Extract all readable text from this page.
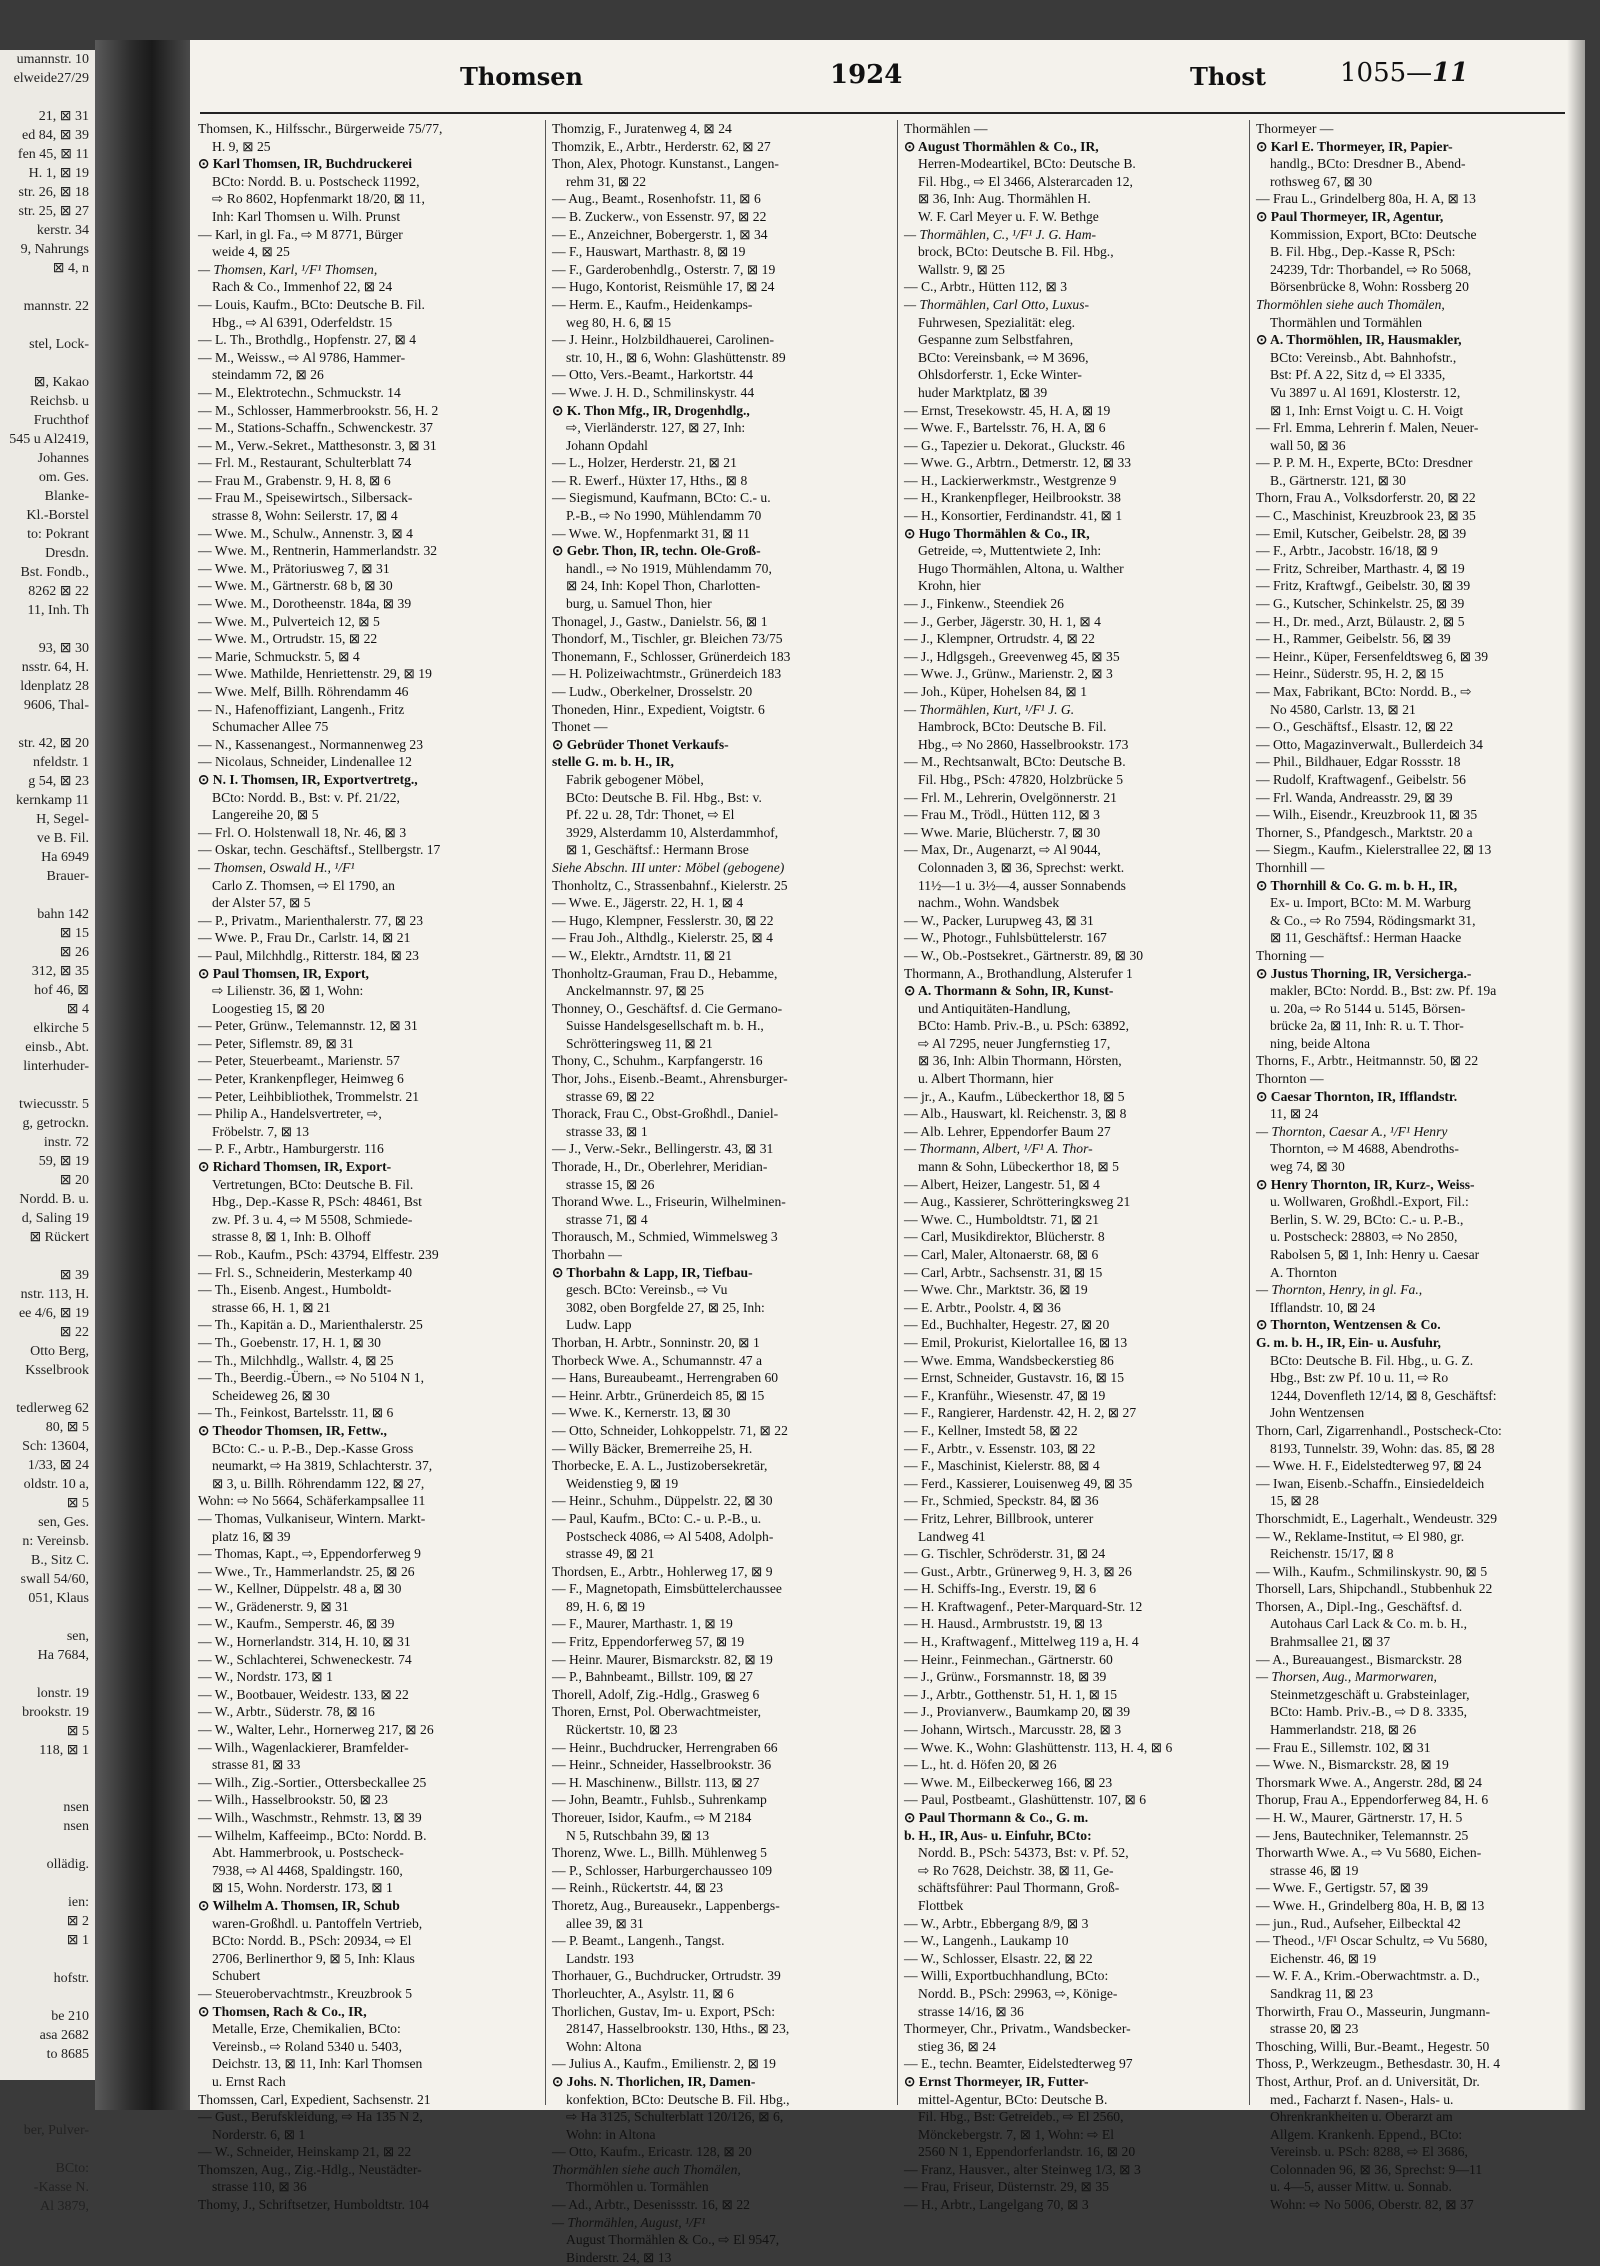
umannstr. 10
elweide27/29

21, ⊠ 31
ed 84, ⊠ 39
fen 45, ⊠ 11
H. 1, ⊠ 19
str. 26, ⊠ 18
str. 25, ⊠ 27
kerstr. 34
9, Nahrungs
⊠ 4, n

mannstr. 22

stel, Lock-

⊠, Kakao
Reichsb. u
Fruchthof
545 u Al2419,
Johannes
om. Ges.
Blanke-
Kl.-Borstel
to: Pokrant
Dresdn.
Bst. Fondb.,
8262 ⊠ 22
11, Inh. Th

93, ⊠ 30
nsstr. 64, H.
ldenplatz 28
9606, Thal-

str. 42, ⊠ 20
nfeldstr. 1
g 54, ⊠ 23
kernkamp 11
H, Segel-
ve B. Fil.
Ha 6949
Brauer-

bahn 142
⊠ 15
⊠ 26
312, ⊠ 35
hof 46, ⊠
⊠ 4
elkirche 5
einsb., Abt.
linterhuder-

twiecusstr. 5
g, getrockn.
instr. 72
59, ⊠ 19
⊠ 20
Nordd. B. u.
d, Saling 19
⊠ Rückert

⊠ 39
nstr. 113, H.
ee 4/6, ⊠ 19
⊠ 22
Otto Berg,
Ksselbrook

tedlerweg 62
80, ⊠ 5
Sch: 13604,
1/33, ⊠ 24
oldstr. 10 a,
⊠ 5
sen, Ges.
n: Vereinsb.
B., Sitz C.
swall 54/60,
051, Klaus

sen,
Ha 7684,

lonstr. 19
brookstr. 19
⊠ 5
118, ⊠ 1

nsen
nsen

ollädig.

ien:
⊠ 2
⊠ 1

hofstr.

be 210
asa 2682
to 8685

ber, Pulver-

BCto:
-Kasse N.
Al 3879,
Thomsen	1924	Thost	1055—11
Thomsen, K., Hilfsschr., Bürgerweide 75/77,
H. 9, ⊠ 25
⊙ Karl Thomsen, IR, Buchdruckerei
BCto: Nordd. B. u. Postscheck 11992,
⇨ Ro 8602, Hopfenmarkt 18/20, ⊠ 11,
Inh: Karl Thomsen u. Wilh. Prunst
— Karl, in gl. Fa., ⇨ M 8771, Bürger
weide 4, ⊠ 25
— Thomsen, Karl, ¹/F¹ Thomsen,
Rach & Co., Immenhof 22, ⊠ 24
— Louis, Kaufm., BCto: Deutsche B. Fil.
Hbg., ⇨ Al 6391, Oderfeldstr. 15
— L. Th., Brothdlg., Hopfenstr. 27, ⊠ 4
— M., Weissw., ⇨ Al 9786, Hammer-
steindamm 72, ⊠ 26
— M., Elektrotechn., Schmuckstr. 14
— M., Schlosser, Hammerbrookstr. 56, H. 2
— M., Stations-Schaffn., Schwenckestr. 37
— M., Verw.-Sekret., Matthesonstr. 3, ⊠ 31
— Frl. M., Restaurant, Schulterblatt 74
— Frau M., Grabenstr. 9, H. 8, ⊠ 6
— Frau M., Speisewirtsch., Silbersack-
strasse 8, Wohn: Seilerstr. 17, ⊠ 4
— Wwe. M., Schulw., Annenstr. 3, ⊠ 4
— Wwe. M., Rentnerin, Hammerlandstr. 32
— Wwe. M., Prätoriusweg 7, ⊠ 31
— Wwe. M., Gärtnerstr. 68 b, ⊠ 30
— Wwe. M., Dorotheenstr. 184a, ⊠ 39
— Wwe. M., Pulverteich 12, ⊠ 5
— Wwe. M., Ortrudstr. 15, ⊠ 22
— Marie, Schmuckstr. 5, ⊠ 4
— Wwe. Mathilde, Henriettenstr. 29, ⊠ 19
— Wwe. Melf, Billh. Röhrendamm 46
— N., Hafenoffiziant, Langenh., Fritz
Schumacher Allee 75
— N., Kassenangest., Normannenweg 23
— Nicolaus, Schneider, Lindenallee 12
⊙ N. I. Thomsen, IR, Exportvertretg.,
BCto: Nordd. B., Bst: v. Pf. 21/22,
Langereihe 20, ⊠ 5
— Frl. O. Holstenwall 18, Nr. 46, ⊠ 3
— Oskar, techn. Geschäftsf., Stellbergstr. 17
— Thomsen, Oswald H., ¹/F¹
Carlo Z. Thomsen, ⇨ El 1790, an
der Alster 57, ⊠ 5
— P., Privatm., Marienthalerstr. 77, ⊠ 23
— Wwe. P., Frau Dr., Carlstr. 14, ⊠ 21
— Paul, Milchhdlg., Ritterstr. 184, ⊠ 23
⊙ Paul Thomsen, IR, Export,
⇨ Lilienstr. 36, ⊠ 1, Wohn:
Loogestieg 15, ⊠ 20
— Peter, Grünw., Telemannstr. 12, ⊠ 31
— Peter, Siflemstr. 89, ⊠ 31
— Peter, Steuerbeamt., Marienstr. 57
— Peter, Krankenpfleger, Heimweg 6
— Peter, Leihbibliothek, Trommelstr. 21
— Philip A., Handelsvertreter, ⇨,
Fröbelstr. 7, ⊠ 13
— P. F., Arbtr., Hamburgerstr. 116
⊙ Richard Thomsen, IR, Export-
Vertretungen, BCto: Deutsche B. Fil.
Hbg., Dep.-Kasse R, PSch: 48461, Bst
zw. Pf. 3 u. 4, ⇨ M 5508, Schmiede-
strasse 8, ⊠ 1, Inh: B. Olhoff
— Rob., Kaufm., PSch: 43794, Elffestr. 239
— Frl. S., Schneiderin, Mesterkamp 40
— Th., Eisenb. Angest., Humboldt-
strasse 66, H. 1, ⊠ 21
— Th., Kapitän a. D., Marienthalerstr. 25
— Th., Goebenstr. 17, H. 1, ⊠ 30
— Th., Milchhdlg., Wallstr. 4, ⊠ 25
— Th., Beerdig.-Übern., ⇨ No 5104 N 1,
Scheideweg 26, ⊠ 30
— Th., Feinkost, Bartelsstr. 11, ⊠ 6
⊙ Theodor Thomsen, IR, Fettw.,
BCto: C.- u. P.-B., Dep.-Kasse Gross
neumarkt, ⇨ Ha 3819, Schlachterstr. 37,
⊠ 3, u. Billh. Röhrendamm 122, ⊠ 27,
Wohn: ⇨ No 5664, Schäferkampsallee 11
— Thomas, Vulkaniseur, Wintern. Markt-
platz 16, ⊠ 39
— Thomas, Kapt., ⇨, Eppendorferweg 9
— Wwe., Tr., Hammerlandstr. 25, ⊠ 26
— W., Kellner, Düppelstr. 48 a, ⊠ 30
— W., Grädenerstr. 9, ⊠ 31
— W., Kaufm., Semperstr. 46, ⊠ 39
— W., Hornerlandstr. 314, H. 10, ⊠ 31
— W., Schlachterei, Schweneckestr. 74
— W., Nordstr. 173, ⊠ 1
— W., Bootbauer, Weidestr. 133, ⊠ 22
— W., Arbtr., Süderstr. 78, ⊠ 16
— W., Walter, Lehr., Hornerweg 217, ⊠ 26
— Wilh., Wagenlackierer, Bramfelder-
strasse 81, ⊠ 33
— Wilh., Zig.-Sortier., Ottersbeckallee 25
— Wilh., Hasselbrookstr. 50, ⊠ 23
— Wilh., Waschmstr., Rehmstr. 13, ⊠ 39
— Wilhelm, Kaffeeimp., BCto: Nordd. B.
Abt. Hammerbrook, u. Postscheck-
7938, ⇨ Al 4468, Spaldingstr. 160,
⊠ 15, Wohn. Norderstr. 173, ⊠ 1
⊙ Wilhelm A. Thomsen, IR, Schub
waren-Großhdl. u. Pantoffeln Vertrieb,
BCto: Nordd. B., PSch: 20934, ⇨ El
2706, Berlinerthor 9, ⊠ 5, Inh: Klaus
Schubert
— Steuerobervachtmstr., Kreuzbrook 5
⊙ Thomsen, Rach & Co., IR,
Metalle, Erze, Chemikalien, BCto:
Vereinsb., ⇨ Roland 5340 u. 5403,
Deichstr. 13, ⊠ 11, Inh: Karl Thomsen
u. Ernst Rach
Thomssen, Carl, Expedient, Sachsenstr. 21
— Gust., Berufskleidung, ⇨ Ha 135 N 2,
Norderstr. 6, ⊠ 1
— W., Schneider, Heinskamp 21, ⊠ 22
Thomszen, Aug., Zig.-Hdlg., Neustädter-
strasse 110, ⊠ 36
Thomy, J., Schriftsetzer, Humboldtstr. 104
Thomzig, F., Juratenweg 4, ⊠ 24
Thomzik, E., Arbtr., Herderstr. 62, ⊠ 27
Thon, Alex, Photogr. Kunstanst., Langen-
rehm 31, ⊠ 22
— Aug., Beamt., Rosenhofstr. 11, ⊠ 6
— B. Zuckerw., von Essenstr. 97, ⊠ 22
— E., Anzeichner, Bobergerstr. 1, ⊠ 34
— F., Hauswart, Marthastr. 8, ⊠ 19
— F., Garderobenhdlg., Osterstr. 7, ⊠ 19
— Hugo, Kontorist, Reismühle 17, ⊠ 24
— Herm. E., Kaufm., Heidenkamps-
weg 80, H. 6, ⊠ 15
— J. Heinr., Holzbildhauerei, Carolinen-
str. 10, H., ⊠ 6, Wohn: Glashüttenstr. 89
— Otto, Vers.-Beamt., Harkortstr. 44
— Wwe. J. H. D., Schmilinskystr. 44
⊙ K. Thon Mfg., IR, Drogenhdlg.,
⇨, Vierländerstr. 127, ⊠ 27, Inh:
Johann Opdahl
— L., Holzer, Herderstr. 21, ⊠ 21
— R. Ewerf., Hüxter 17, Hths., ⊠ 8
— Siegismund, Kaufmann, BCto: C.- u.
P.-B., ⇨ No 1990, Mühlendamm 70
— Wwe. W., Hopfenmarkt 31, ⊠ 11
⊙ Gebr. Thon, IR, techn. Ole-Groß-
handl., ⇨ No 1919, Mühlendamm 70,
⊠ 24, Inh: Kopel Thon, Charlotten-
burg, u. Samuel Thon, hier
Thonagel, J., Gastw., Danielstr. 56, ⊠ 1
Thondorf, M., Tischler, gr. Bleichen 73/75
Thonemann, F., Schlosser, Grünerdeich 183
— H. Polizeiwachtmstr., Grünerdeich 183
— Ludw., Oberkelner, Drosselstr. 20
Thoneden, Hinr., Expedient, Voigtstr. 6
Thonet —
⊙ Gebrüder Thonet Verkaufs-
stelle G. m. b. H., IR,
Fabrik gebogener Möbel,
BCto: Deutsche B. Fil. Hbg., Bst: v.
Pf. 22 u. 28, Tdr: Thonet, ⇨ El
3929, Alsterdamm 10, Alsterdammhof,
⊠ 1, Geschäftsf.: Hermann Brose
Siehe Abschn. III unter: Möbel (gebogene)
Thonholtz, C., Strassenbahnf., Kielerstr. 25
— Wwe. E., Jägerstr. 22, H. 1, ⊠ 4
— Hugo, Klempner, Fesslerstr. 30, ⊠ 22
— Frau Joh., Althdlg., Kielerstr. 25, ⊠ 4
— W., Elektr., Arndtstr. 11, ⊠ 21
Thonholtz-Grauman, Frau D., Hebamme,
Anckelmannstr. 97, ⊠ 25
Thonney, O., Geschäftsf. d. Cie Germano-
Suisse Handelsgesellschaft m. b. H.,
Schrötteringsweg 11, ⊠ 21
Thony, C., Schuhm., Karpfangerstr. 16
Thor, Johs., Eisenb.-Beamt., Ahrensburger-
strasse 69, ⊠ 22
Thorack, Frau C., Obst-Großhdl., Daniel-
strasse 33, ⊠ 1
— J., Verw.-Sekr., Bellingerstr. 43, ⊠ 31
Thorade, H., Dr., Oberlehrer, Meridian-
strasse 15, ⊠ 26
Thorand Wwe. L., Friseurin, Wilhelminen-
strasse 71, ⊠ 4
Thorausch, M., Schmied, Wimmelsweg 3
Thorbahn —
⊙ Thorbahn & Lapp, IR, Tiefbau-
gesch. BCto: Vereinsb., ⇨ Vu
3082, oben Borgfelde 27, ⊠ 25, Inh:
Ludw. Lapp
Thorban, H. Arbtr., Sonninstr. 20, ⊠ 1
Thorbeck Wwe. A., Schumannstr. 47 a
— Hans, Bureaubeamt., Herrengraben 60
— Heinr. Arbtr., Grünerdeich 85, ⊠ 15
— Wwe. K., Kernerstr. 13, ⊠ 30
— Otto, Schneider, Lohkoppelstr. 71, ⊠ 22
— Willy Bäcker, Bremerreihe 25, H.
Thorbecke, E. A. L., Justizobersekretär,
Weidenstieg 9, ⊠ 19
— Heinr., Schuhm., Düppelstr. 22, ⊠ 30
— Paul, Kaufm., BCto: C.- u. P.-B., u.
Postscheck 4086, ⇨ Al 5408, Adolph-
strasse 49, ⊠ 21
Thordsen, E., Arbtr., Hohlerweg 17, ⊠ 9
— F., Magnetopath, Eimsbüttelerchaussee
89, H. 6, ⊠ 19
— F., Maurer, Marthastr. 1, ⊠ 19
— Fritz, Eppendorferweg 57, ⊠ 19
— Heinr. Maurer, Bismarckstr. 82, ⊠ 19
— P., Bahnbeamt., Billstr. 109, ⊠ 27
Thorell, Adolf, Zig.-Hdlg., Grasweg 6
Thoren, Ernst, Pol. Oberwachtmeister,
Rückertstr. 10, ⊠ 23
— Heinr., Buchdrucker, Herrengraben 66
— Heinr., Schneider, Hasselbrookstr. 36
— H. Maschinenw., Billstr. 113, ⊠ 27
— John, Beamtr., Fuhlsb., Suhrenkamp
Thoreuer, Isidor, Kaufm., ⇨ M 2184
N 5, Rutschbahn 39, ⊠ 13
Thorenz, Wwe. L., Billh. Mühlenweg 5
— P., Schlosser, Harburgerchausseo 109
— Reinh., Rückertstr. 44, ⊠ 23
Thoretz, Aug., Bureausekr., Lappenbergs-
allee 39, ⊠ 31
— P. Beamt., Langenh., Tangst.
Landstr. 193
Thorhauer, G., Buchdrucker, Ortrudstr. 39
Thorleuchter, A., Asylstr. 11, ⊠ 6
Thorlichen, Gustav, Im- u. Export, PSch:
28147, Hasselbrookstr. 130, Hths., ⊠ 23,
Wohn: Altona
— Julius A., Kaufm., Emilienstr. 2, ⊠ 19
⊙ Johs. N. Thorlichen, IR, Damen-
konfektion, BCto: Deutsche B. Fil. Hbg.,
⇨ Ha 3125, Schulterblatt 120/126, ⊠ 6,
Wohn: in Altona
— Otto, Kaufm., Ericastr. 128, ⊠ 20
Thormählen siehe auch Thomälen,
Thormöhlen u. Tormählen
— Ad., Arbtr., Desenissstr. 16, ⊠ 22
— Thormählen, August, ¹/F¹
August Thormählen & Co., ⇨ El 9547,
Binderstr. 24, ⊠ 13
Thormählen —
⊙ August Thormählen & Co., IR,
Herren-Modeartikel, BCto: Deutsche B.
Fil. Hbg., ⇨ El 3466, Alsterarcaden 12,
⊠ 36, Inh: Aug. Thormählen H.
W. F. Carl Meyer u. F. W. Bethge
— Thormählen, C., ¹/F¹ J. G. Ham-
brock, BCto: Deutsche B. Fil. Hbg.,
Wallstr. 9, ⊠ 25
— C., Arbtr., Hütten 112, ⊠ 3
— Thormählen, Carl Otto, Luxus-
Fuhrwesen, Spezialität: eleg.
Gespanne zum Selbstfahren,
BCto: Vereinsbank, ⇨ M 3696,
Ohlsdorferstr. 1, Ecke Winter-
huder Marktplatz, ⊠ 39
— Ernst, Tresekowstr. 45, H. A, ⊠ 19
— Wwe. F., Bartelsstr. 76, H. A, ⊠ 6
— G., Tapezier u. Dekorat., Gluckstr. 46
— Wwe. G., Arbtrn., Detmerstr. 12, ⊠ 33
— H., Lackierwerkmstr., Westgrenze 9
— H., Krankenpfleger, Heilbrookstr. 38
— H., Konsortier, Ferdinandstr. 41, ⊠ 1
⊙ Hugo Thormählen & Co., IR,
Getreide, ⇨, Muttentwiete 2, Inh:
Hugo Thormählen, Altona, u. Walther
Krohn, hier
— J., Finkenw., Steendiek 26
— J., Gerber, Jägerstr. 30, H. 1, ⊠ 4
— J., Klempner, Ortrudstr. 4, ⊠ 22
— J., Hdlgsgeh., Greevenweg 45, ⊠ 35
— Wwe. J., Grünw., Marienstr. 2, ⊠ 3
— Joh., Küper, Hohelsen 84, ⊠ 1
— Thormählen, Kurt, ¹/F¹ J. G.
Hambrock, BCto: Deutsche B. Fil.
Hbg., ⇨ No 2860, Hasselbrookstr. 173
— M., Rechtsanwalt, BCto: Deutsche B.
Fil. Hbg., PSch: 47820, Holzbrücke 5
— Frl. M., Lehrerin, Ovelgönnerstr. 21
— Frau M., Trödl., Hütten 112, ⊠ 3
— Wwe. Marie, Blücherstr. 7, ⊠ 30
— Max, Dr., Augenarzt, ⇨ Al 9044,
Colonnaden 3, ⊠ 36, Sprechst: werkt.
11½—1 u. 3½—4, ausser Sonnabends
nachm., Wohn. Wandsbek
— W., Packer, Lurupweg 43, ⊠ 31
— W., Photogr., Fuhlsbüttelerstr. 167
— W., Ob.-Postsekret., Gärtnerstr. 89, ⊠ 30
Thormann, A., Brothandlung, Alsterufer 1
⊙ A. Thormann & Sohn, IR, Kunst-
und Antiquitäten-Handlung,
BCto: Hamb. Priv.-B., u. PSch: 63892,
⇨ Al 7295, neuer Jungfernstieg 17,
⊠ 36, Inh: Albin Thormann, Hörsten,
u. Albert Thormann, hier
— jr., A., Kaufm., Lübeckerthor 18, ⊠ 5
— Alb., Hauswart, kl. Reichenstr. 3, ⊠ 8
— Alb. Lehrer, Eppendorfer Baum 27
— Thormann, Albert, ¹/F¹ A. Thor-
mann & Sohn, Lübeckerthor 18, ⊠ 5
— Albert, Heizer, Langestr. 51, ⊠ 4
— Aug., Kassierer, Schrötteringksweg 21
— Wwe. C., Humboldtstr. 71, ⊠ 21
— Carl, Musikdirektor, Blücherstr. 8
— Carl, Maler, Altonaerstr. 68, ⊠ 6
— Carl, Arbtr., Sachsenstr. 31, ⊠ 15
— Wwe. Chr., Marktstr. 36, ⊠ 19
— E. Arbtr., Poolstr. 4, ⊠ 36
— Ed., Buchhalter, Hegestr. 27, ⊠ 20
— Emil, Prokurist, Kielortallee 16, ⊠ 13
— Wwe. Emma, Wandsbeckerstieg 86
— Ernst, Schneider, Gustavstr. 16, ⊠ 15
— F., Kranführ., Wiesenstr. 47, ⊠ 19
— F., Rangierer, Hardenstr. 42, H. 2, ⊠ 27
— F., Kellner, Imstedt 58, ⊠ 22
— F., Arbtr., v. Essenstr. 103, ⊠ 22
— F., Maschinist, Kielerstr. 88, ⊠ 4
— Ferd., Kassierer, Louisenweg 49, ⊠ 35
— Fr., Schmied, Speckstr. 84, ⊠ 36
— Fritz, Lehrer, Billbrook, unterer
Landweg 41
— G. Tischler, Schröderstr. 31, ⊠ 24
— Gust., Arbtr., Grünerweg 9, H. 3, ⊠ 26
— H. Schiffs-Ing., Everstr. 19, ⊠ 6
— H. Kraftwagenf., Peter-Marquard-Str. 12
— H. Hausd., Armbruststr. 19, ⊠ 13
— H., Kraftwagenf., Mittelweg 119 a, H. 4
— Heinr., Feinmechan., Gärtnerstr. 60
— J., Grünw., Forsmannstr. 18, ⊠ 39
— J., Arbtr., Gotthenstr. 51, H. 1, ⊠ 15
— J., Provianverw., Baumkamp 20, ⊠ 39
— Johann, Wirtsch., Marcusstr. 28, ⊠ 3
— Wwe. K., Wohn: Glashüttenstr. 113, H. 4, ⊠ 6
— L., ht. d. Höfen 20, ⊠ 26
— Wwe. M., Eilbeckerweg 166, ⊠ 23
— Paul, Postbeamt., Glashüttenstr. 107, ⊠ 6
⊙ Paul Thormann & Co., G. m.
b. H., IR, Aus- u. Einfuhr, BCto:
Nordd. B., PSch: 54373, Bst: v. Pf. 52,
⇨ Ro 7628, Deichstr. 38, ⊠ 11, Ge-
schäftsführer: Paul Thormann, Groß-
Flottbek
— W., Arbtr., Ebbergang 8/9, ⊠ 3
— W., Langenh., Laukamp 10
— W., Schlosser, Elsastr. 22, ⊠ 22
— Willi, Exportbuchhandlung, BCto:
Nordd. B., PSch: 29963, ⇨, Könige-
strasse 14/16, ⊠ 36
Thormeyer, Chr., Privatm., Wandsbecker-
stieg 36, ⊠ 24
— E., techn. Beamter, Eidelstedterweg 97
⊙ Ernst Thormeyer, IR, Futter-
mittel-Agentur, BCto: Deutsche B.
Fil. Hbg., Bst: Getreideb., ⇨ El 2560,
Mönckebergstr. 7, ⊠ 1, Wohn: ⇨ El
2560 N 1, Eppendorferlandstr. 16, ⊠ 20
— Franz, Hausver., alter Steinweg 1/3, ⊠ 3
— Frau, Friseur, Düsternstr. 29, ⊠ 35
— H., Arbtr., Langelgang 70, ⊠ 3
Thormeyer —
⊙ Karl E. Thormeyer, IR, Papier-
handlg., BCto: Dresdner B., Abend-
rothsweg 67, ⊠ 30
— Frau L., Grindelberg 80a, H. A, ⊠ 13
⊙ Paul Thormeyer, IR, Agentur,
Kommission, Export, BCto: Deutsche
B. Fil. Hbg., Dep.-Kasse R, PSch:
24239, Tdr: Thorbandel, ⇨ Ro 5068,
Börsenbrücke 8, Wohn: Rossberg 20
Thormöhlen siehe auch Thomälen,
Thormählen und Tormählen
⊙ A. Thormöhlen, IR, Hausmakler,
BCto: Vereinsb., Abt. Bahnhofstr.,
Bst: Pf. A 22, Sitz d, ⇨ El 3335,
Vu 3897 u. Al 1691, Klosterstr. 12,
⊠ 1, Inh: Ernst Voigt u. C. H. Voigt
— Frl. Emma, Lehrerin f. Malen, Neuer-
wall 50, ⊠ 36
— P. P. M. H., Experte, BCto: Dresdner
B., Gärtnerstr. 121, ⊠ 30
Thorn, Frau A., Volksdorferstr. 20, ⊠ 22
— C., Maschinist, Kreuzbrook 23, ⊠ 35
— Emil, Kutscher, Geibelstr. 28, ⊠ 39
— F., Arbtr., Jacobstr. 16/18, ⊠ 9
— Fritz, Schreiber, Marthastr. 4, ⊠ 19
— Fritz, Kraftwgf., Geibelstr. 30, ⊠ 39
— G., Kutscher, Schinkelstr. 25, ⊠ 39
— H., Dr. med., Arzt, Bülaustr. 2, ⊠ 5
— H., Rammer, Geibelstr. 56, ⊠ 39
— Heinr., Küper, Fersenfeldtsweg 6, ⊠ 39
— Heinr., Süderstr. 95, H. 2, ⊠ 15
— Max, Fabrikant, BCto: Nordd. B., ⇨
No 4580, Carlstr. 13, ⊠ 21
— O., Geschäftsf., Elsastr. 12, ⊠ 22
— Otto, Magazinverwalt., Bullerdeich 34
— Phil., Bildhauer, Edgar Rossstr. 18
— Rudolf, Kraftwagenf., Geibelstr. 56
— Frl. Wanda, Andreasstr. 29, ⊠ 39
— Wilh., Eisendr., Kreuzbrook 11, ⊠ 35
Thorner, S., Pfandgesch., Marktstr. 20 a
— Siegm., Kaufm., Kielerstrallee 22, ⊠ 13
Thornhill —
⊙ Thornhill & Co. G. m. b. H., IR,
Ex- u. Import, BCto: M. M. Warburg
& Co., ⇨ Ro 7594, Rödingsmarkt 31,
⊠ 11, Geschäftsf.: Herman Haacke
Thorning —
⊙ Justus Thorning, IR, Versicherga.-
makler, BCto: Nordd. B., Bst: zw. Pf. 19a
u. 20a, ⇨ Ro 5144 u. 5145, Börsen-
brücke 2a, ⊠ 11, Inh: R. u. T. Thor-
ning, beide Altona
Thorns, F., Arbtr., Heitmannstr. 50, ⊠ 22
Thornton —
⊙ Caesar Thornton, IR, Ifflandstr.
11, ⊠ 24
— Thornton, Caesar A., ¹/F¹ Henry
Thornton, ⇨ M 4688, Abendroths-
weg 74, ⊠ 30
⊙ Henry Thornton, IR, Kurz-, Weiss-
u. Wollwaren, Großhdl.-Export, Fil.:
Berlin, S. W. 29, BCto: C.- u. P.-B.,
u. Postscheck: 28803, ⇨ No 2850,
Rabolsen 5, ⊠ 1, Inh: Henry u. Caesar
A. Thornton
— Thornton, Henry, in gl. Fa.,
Ifflandstr. 10, ⊠ 24
⊙ Thornton, Wentzensen & Co.
G. m. b. H., IR, Ein- u. Ausfuhr,
BCto: Deutsche B. Fil. Hbg., u. G. Z.
Hbg., Bst: zw Pf. 10 u. 11, ⇨ Ro
1244, Dovenfleth 12/14, ⊠ 8, Geschäftsf:
John Wentzensen
Thorn, Carl, Zigarrenhandl., Postscheck-Cto:
8193, Tunnelstr. 39, Wohn: das. 85, ⊠ 28
— Wwe. H. F., Eidelstedterweg 97, ⊠ 24
— Iwan, Eisenb.-Schaffn., Einsiedeldeich
15, ⊠ 28
Thorschmidt, E., Lagerhalt., Wendeustr. 329
— W., Reklame-Institut, ⇨ El 980, gr.
Reichenstr. 15/17, ⊠ 8
— Wilh., Kaufm., Schmilinskystr. 90, ⊠ 5
Thorsell, Lars, Shipchandl., Stubbenhuk 22
Thorsen, A., Dipl.-Ing., Geschäftsf. d.
Autohaus Carl Lack & Co. m. b. H.,
Brahmsallee 21, ⊠ 37
— A., Bureauangest., Bismarckstr. 28
— Thorsen, Aug., Marmorwaren,
Steinmetzgeschäft u. Grabsteinlager,
BCto: Hamb. Priv.-B., ⇨ D 8. 3335,
Hammerlandstr. 218, ⊠ 26
— Frau E., Sillemstr. 102, ⊠ 31
— Wwe. N., Bismarckstr. 28, ⊠ 19
Thorsmark Wwe. A., Angerstr. 28d, ⊠ 24
Thorup, Frau A., Eppendorferweg 84, H. 6
— H. W., Maurer, Gärtnerstr. 17, H. 5
— Jens, Bautechniker, Telemannstr. 25
Thorwarth Wwe. A., ⇨ Vu 5680, Eichen-
strasse 46, ⊠ 19
— Wwe. F., Gertigstr. 57, ⊠ 39
— Wwe. H., Grindelberg 80a, H. B, ⊠ 13
— jun., Rud., Aufseher, Eilbecktal 42
— Theod., ¹/F¹ Oscar Schultz, ⇨ Vu 5680,
Eichenstr. 46, ⊠ 19
— W. F. A., Krim.-Oberwachtmstr. a. D.,
Sandkrag 11, ⊠ 23
Thorwirth, Frau O., Masseurin, Jungmann-
strasse 20, ⊠ 23
Thosching, Willi, Bur.-Beamt., Hegestr. 50
Thoss, P., Werkzeugm., Bethesdastr. 30, H. 4
Thost, Arthur, Prof. an d. Universität, Dr.
med., Facharzt f. Nasen-, Hals- u.
Ohrenkrankheiten u. Oberarzt am
Allgem. Krankenh. Eppend., BCto:
Vereinsb. u. PSch: 8288, ⇨ El 3686,
Colonnaden 96, ⊠ 36, Sprechst: 9—11
u. 4—5, ausser Mittw. u. Sonnab.
Wohn: ⇨ No 5006, Oberstr. 82, ⊠ 37
